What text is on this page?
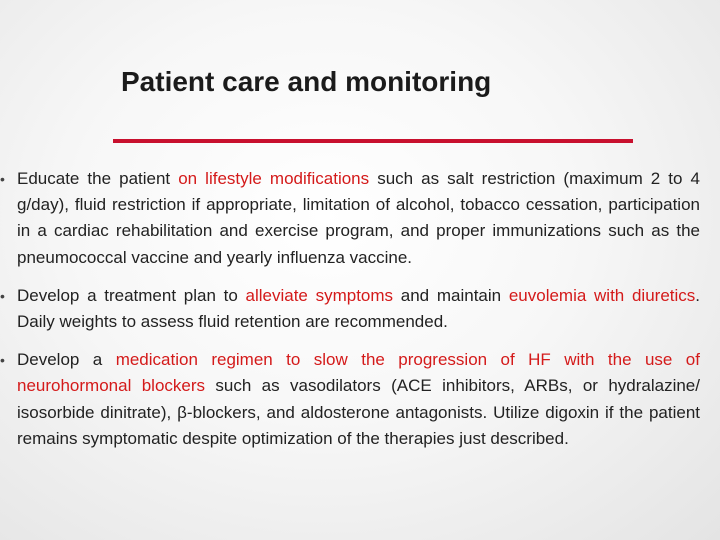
Patient care and monitoring
• Educate the patient on lifestyle modifications such as salt restriction (maximum 2 to 4 g/day), fluid restriction if appropriate, limitation of alcohol, tobacco cessation, participation in a cardiac rehabilitation and exercise program, and proper immunizations such as the pneumococcal vaccine and yearly influenza vaccine.
• Develop a treatment plan to alleviate symptoms and maintain euvolemia with diuretics. Daily weights to assess fluid retention are recommended.
• Develop a medication regimen to slow the progression of HF with the use of neurohormonal blockers such as vasodilators (ACE inhibitors, ARBs, or hydralazine/ isosorbide dinitrate), β-blockers, and aldosterone antagonists. Utilize digoxin if the patient remains symptomatic despite optimization of the therapies just described.
